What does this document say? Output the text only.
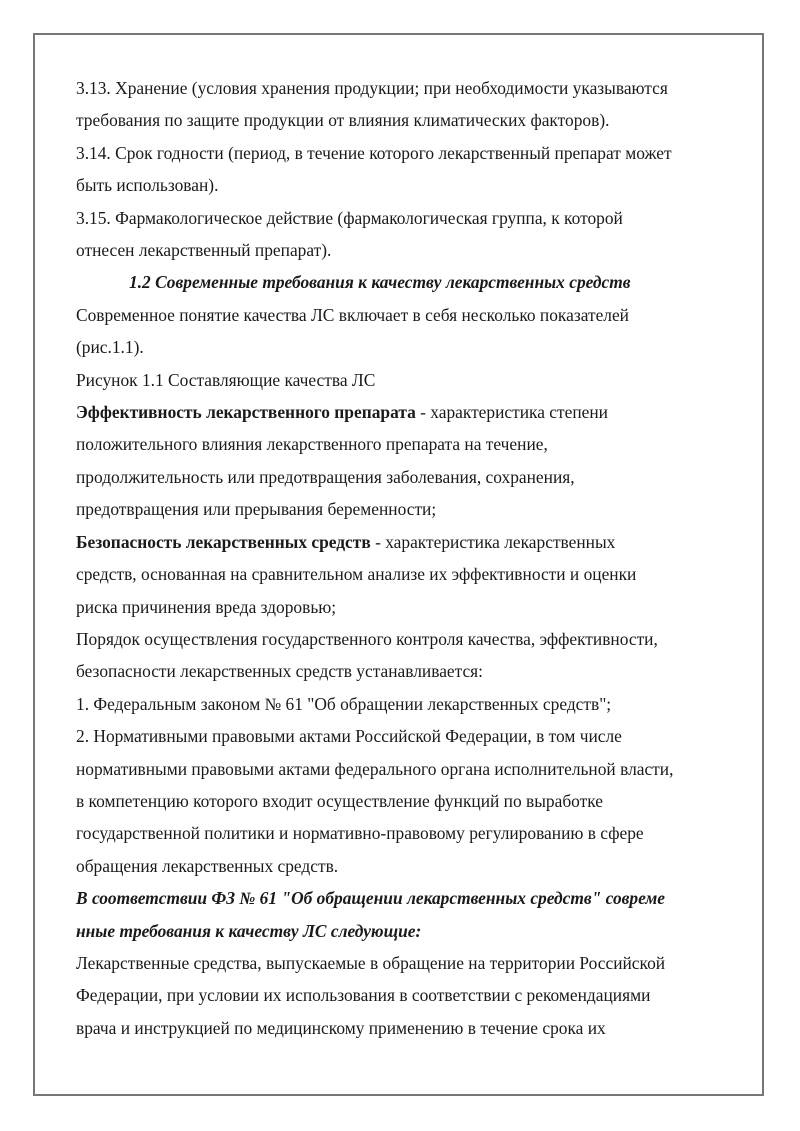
3.13. Хранение (условия хранения продукции; при необходимости указываются
требования по защите продукции от влияния климатических факторов).
3.14. Срок годности (период, в течение которого лекарственный препарат может
быть использован).
3.15. Фармакологическое действие (фармакологическая группа, к которой
отнесен лекарственный препарат).
1.2 Современные требования к качеству лекарственных средств
Современное понятие качества ЛС включает в себя несколько показателей
(рис.1.1).
Рисунок 1.1 Составляющие качества ЛС
Эффективность лекарственного препарата - характеристика степени
положительного влияния лекарственного препарата на течение,
продолжительность или предотвращения заболевания, сохранения,
предотвращения или прерывания беременности;
Безопасность лекарственных средств - характеристика лекарственных
средств, основанная на сравнительном анализе их эффективности и оценки
риска причинения вреда здоровью;
Порядок осуществления государственного контроля качества, эффективности,
безопасности лекарственных средств устанавливается:
1. Федеральным законом № 61 "Об обращении лекарственных средств";
2. Нормативными правовыми актами Российской Федерации, в том числе
нормативными правовыми актами федерального органа исполнительной власти,
в компетенцию которого входит осуществление функций по выработке
государственной политики и нормативно-правовому регулированию в сфере
обращения лекарственных средств.
В соответствии ФЗ № 61 "Об обращении лекарственных средств" совреме
нные требования к качеству ЛС следующие:
Лекарственные средства, выпускаемые в обращение на территории Российской
Федерации, при условии их использования в соответствии с рекомендациями
врача и инструкцией по медицинскому применению в течение срока их
